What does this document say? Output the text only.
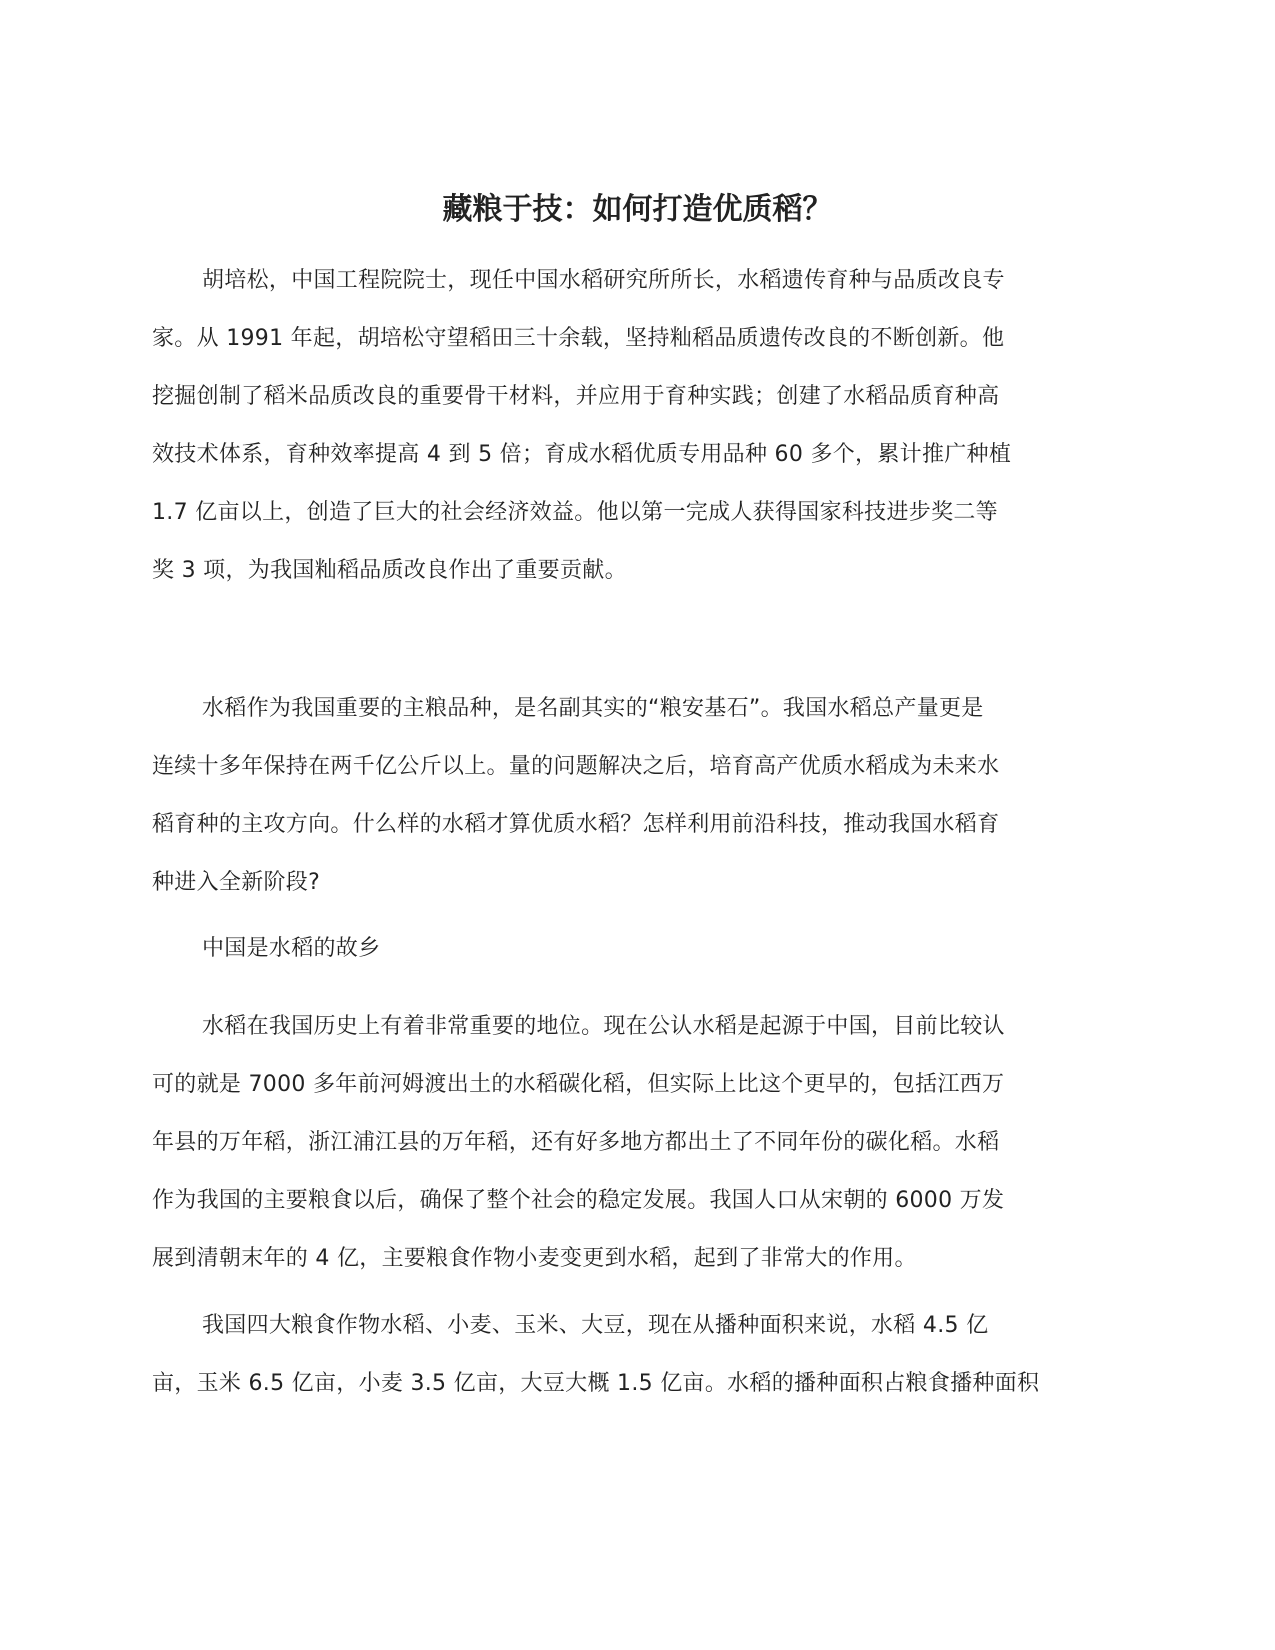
藏粮于技：如何打造优质稻？

胡培松，中国工程院院士，现任中国水稻研究所所长，水稻遗传育种与品质改良专
家。从 1991 年起，胡培松守望稻田三十余载，坚持籼稻品质遗传改良的不断创新。他
挖掘创制了稻米品质改良的重要骨干材料，并应用于育种实践；创建了水稻品质育种高
效技术体系，育种效率提高 4 到 5 倍；育成水稻优质专用品种 60 多个，累计推广种植
1.7 亿亩以上，创造了巨大的社会经济效益。他以第一完成人获得国家科技进步奖二等
奖 3 项，为我国籼稻品质改良作出了重要贡献。

水稻作为我国重要的主粮品种，是名副其实的“粮安基石”。我国水稻总产量更是
连续十多年保持在两千亿公斤以上。量的问题解决之后，培育高产优质水稻成为未来水
稻育种的主攻方向。什么样的水稻才算优质水稻？怎样利用前沿科技，推动我国水稻育
种进入全新阶段?

中国是水稻的故乡

水稻在我国历史上有着非常重要的地位。现在公认水稻是起源于中国，目前比较认
可的就是 7000 多年前河姆渡出土的水稻碳化稻，但实际上比这个更早的，包括江西万
年县的万年稻，浙江浦江县的万年稻，还有好多地方都出土了不同年份的碳化稻。水稻
作为我国的主要粮食以后，确保了整个社会的稳定发展。我国人口从宋朝的 6000 万发
展到清朝末年的 4 亿，主要粮食作物小麦变更到水稻，起到了非常大的作用。

我国四大粮食作物水稻、小麦、玉米、大豆，现在从播种面积来说，水稻 4.5 亿
亩，玉米 6.5 亿亩，小麦 3.5 亿亩，大豆大概 1.5 亿亩。水稻的播种面积占粮食播种面积
